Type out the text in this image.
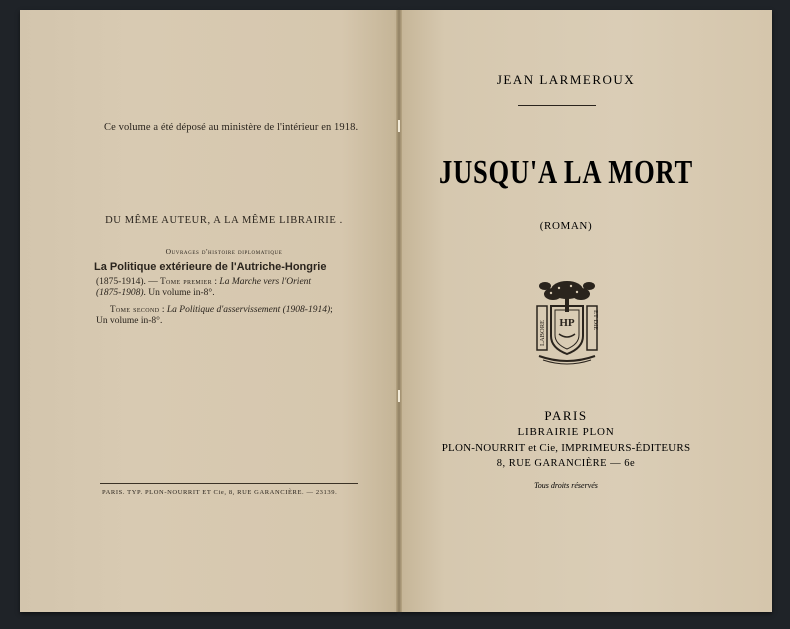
Ce volume a été déposé au ministère de l'intérieur en 1918.
DU MÊME AUTEUR, A LA MÊME LIBRAIRIE .
Ouvrages d'histoire diplomatique
La Politique extérieure de l'Autriche-Hongrie
(1875-1914). — Tome premier : La Marche vers l'Orient
(1875-1908). Un volume in-8°.
Tome second : La Politique d'asservissement (1908-1914);
Un volume in-8°.
PARIS. TYP. PLON-NOURRIT ET Cie, 8, RUE GARANCIÈRE. — 23139.
JEAN LARMEROUX
JUSQU'A LA MORT
(ROMAN)
HP
LABORE	ET DIE
PARIS
LIBRAIRIE PLON
PLON-NOURRIT et Cie, IMPRIMEURS-ÉDITEURS
8, RUE GARANCIÈRE — 6e
Tous droits réservés
